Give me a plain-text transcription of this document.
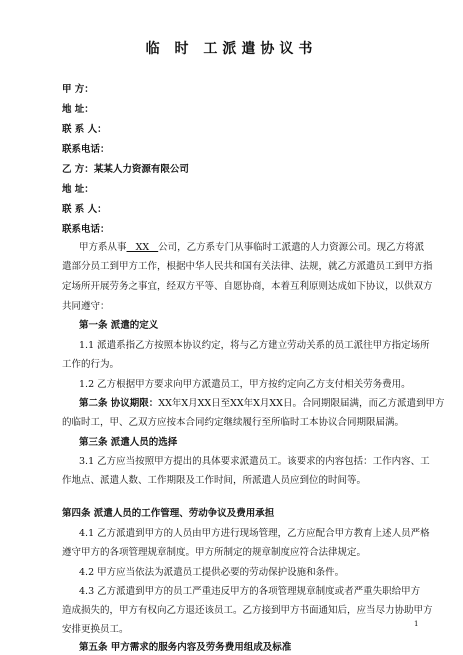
临 时 工派遣协议书
甲 方：
地 址：
联 系 人：
联系电话：
乙 方：某某人力资源有限公司
地 址：
联 系 人：
联系电话：
甲方系从事   XX   公司，乙方系专门从事临时工派遣的人力资源公司。现乙方将派
遣部分员工到甲方工作，根据中华人民共和国有关法律、法规，就乙方派遣员工到甲方指
定场所开展劳务之事宜，经双方平等、自愿协商，本着互利原则达成如下协议，以供双方
共同遵守：
第一条 派遣的定义
1.1 派遣系指乙方按照本协议约定，将与乙方建立劳动关系的员工派往甲方指定场所
工作的行为。
1.2 乙方根据甲方要求向甲方派遣员工，甲方按约定向乙方支付相关劳务费用。
第二条 协议期限：XX年X月XX日至XX年X月XX日。合同期限届满，而乙方派遣到甲方
的临时工，甲、乙双方应按本合同约定继续履行至所临时工本协议合同期限届满。
第三条 派遣人员的选择
3.1 乙方应当按照甲方提出的具体要求派遣员工。该要求的内容包括：工作内容、工
作地点、派遣人数、工作期限及工作时间，所派遣人员应到位的时间等。
第四条 派遣人员的工作管理、劳动争议及费用承担
4.1 乙方派遣到甲方的人员由甲方进行现场管理，乙方应配合甲方教育上述人员严格
遵守甲方的各项管理规章制度。甲方所制定的规章制度应符合法律规定。
4.2 甲方应当依法为派遣员工提供必要的劳动保护设施和条件。
4.3 乙方派遣到甲方的员工严重违反甲方的各项管理规章制度或者严重失职给甲方
造成损失的，甲方有权向乙方退还该员工。乙方接到甲方书面通知后，应当尽力协助甲方
安排更换员工。
第五条 甲方需求的服务内容及劳务费用组成及标准
1
